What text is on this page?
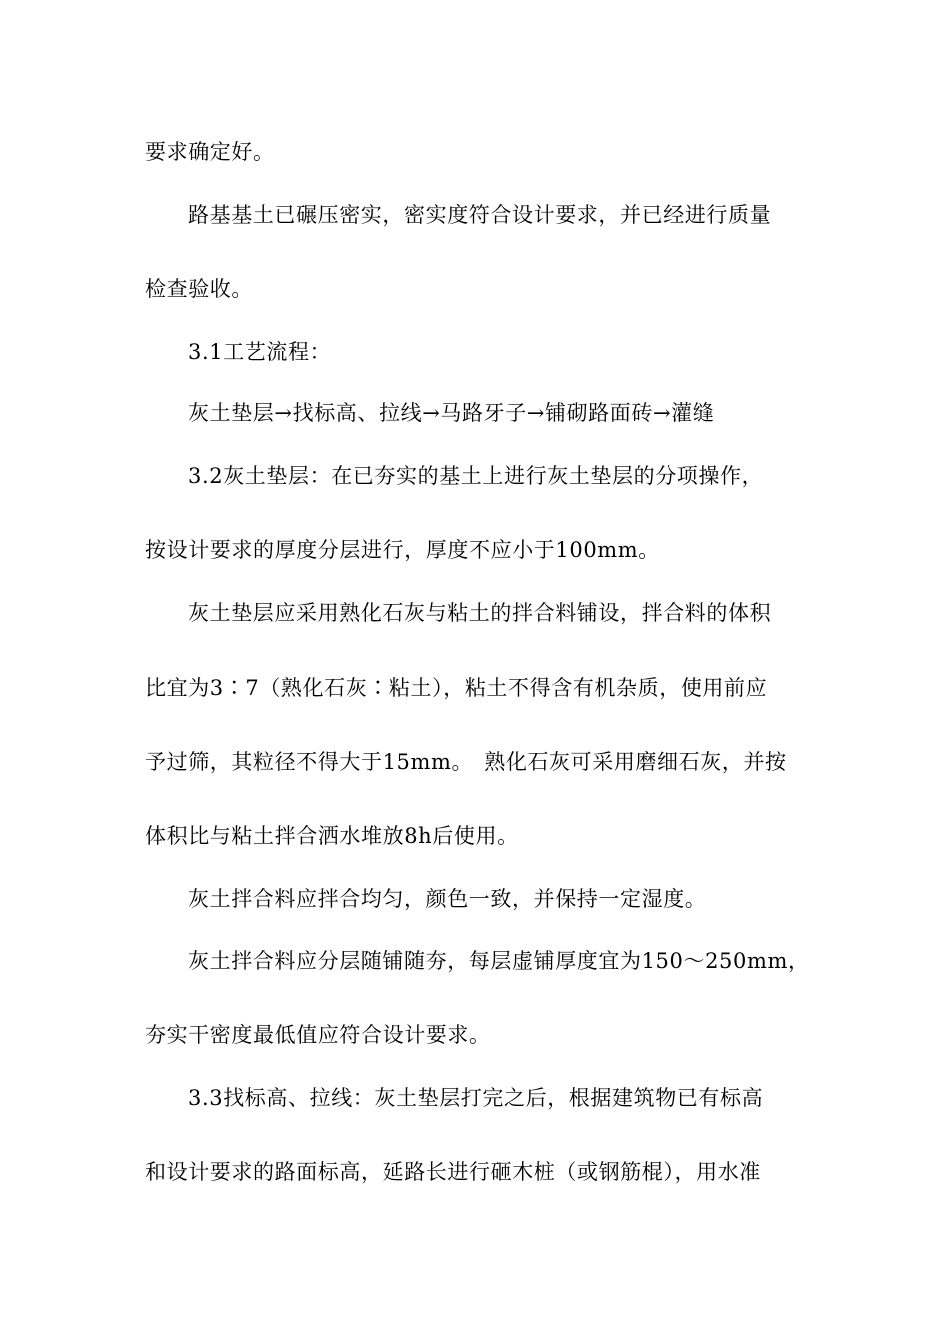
要求确定好。
路基基土已碾压密实，密实度符合设计要求，并已经进行质量
检查验收。
3.1工艺流程：
灰土垫层→找标高、拉线→马路牙子→铺砌路面砖→灌缝
3.2灰土垫层：在已夯实的基土上进行灰土垫层的分项操作，
按设计要求的厚度分层进行，厚度不应小于100mm。
灰土垫层应采用熟化石灰与粘土的拌合料铺设，拌合料的体积
比宜为3∶7（熟化石灰∶粘土），粘土不得含有机杂质，使用前应
予过筛，其粒径不得大于15mm。　熟化石灰可采用磨细石灰，并按
体积比与粘土拌合洒水堆放8h后使用。
灰土拌合料应拌合均匀，颜色一致，并保持一定湿度。
灰土拌合料应分层随铺随夯，每层虚铺厚度宜为150～250mm，
夯实干密度最低值应符合设计要求。
3.3找标高、拉线：灰土垫层打完之后，根据建筑物已有标高
和设计要求的路面标高，延路长进行砸木桩（或钢筋棍），用水准
